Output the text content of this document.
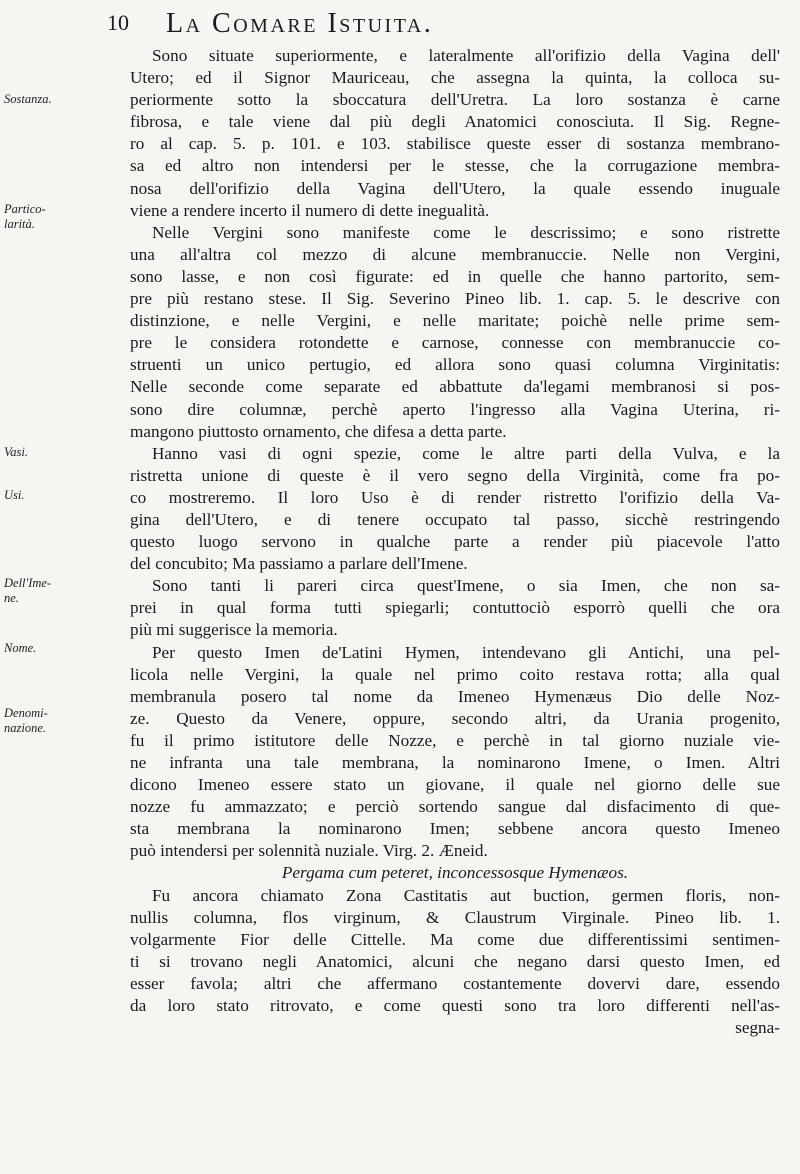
10 La Comare Istuita.
Sostanza.
Partico-
larità.
Vasi.
Usi.
Dell'Ime-
ne.
Nome.
Denomi-
nazione.
Sono situate superiormente, e lateralmente all'orifizio della Vagina dell'
Utero; ed il Signor Mauriceau, che assegna la quinta, la colloca su-
periormente sotto la sboccatura dell'Uretra. La loro sostanza è carne
fibrosa, e tale viene dal più degli Anatomici conosciuta. Il Sig. Regne-
ro al cap. 5. p. 101. e 103. stabilisce queste esser di sostanza membrano-
sa ed altro non intendersi per le stesse, che la corrugazione membra-
nosa dell'orifizio della Vagina dell'Utero, la quale essendo inuguale
viene a rendere incerto il numero di dette inegualità.
Nelle Vergini sono manifeste come le descrissimo; e sono ristrette
una all'altra col mezzo di alcune membranuccie. Nelle non Vergini,
sono lasse, e non così figurate: ed in quelle che hanno partorito, sem-
pre più restano stese. Il Sig. Severino Pineo lib. 1. cap. 5. le descrive con
distinzione, e nelle Vergini, e nelle maritate; poichè nelle prime sem-
pre le considera rotondette e carnose, connesse con membranuccie co-
struenti un unico pertugio, ed allora sono quasi columna Virginitatis:
Nelle seconde come separate ed abbattute da'legami membranosi si pos-
sono dire columnæ, perchè aperto l'ingresso alla Vagina Uterina, ri-
mangono piuttosto ornamento, che difesa a detta parte.
Hanno vasi di ogni spezie, come le altre parti della Vulva, e la
ristretta unione di queste è il vero segno della Virginità, come fra po-
co mostreremo. Il loro Uso è di render ristretto l'orifizio della Va-
gina dell'Utero, e di tenere occupato tal passo, sicchè restringendo
questo luogo servono in qualche parte a render più piacevole l'atto
del concubito; Ma passiamo a parlare dell'Imene.
Sono tanti li pareri circa quest'Imene, o sia Imen, che non sa-
prei in qual forma tutti spiegarli; contuttociò esporrò quelli che ora
più mi suggerisce la memoria.
Per questo Imen de'Latini Hymen, intendevano gli Antichi, una pel-
licola nelle Vergini, la quale nel primo coito restava rotta; alla qual
membranula posero tal nome da Imeneo Hymenæus Dio delle Noz-
ze. Questo da Venere, oppure, secondo altri, da Urania progenito,
fu il primo istitutore delle Nozze, e perchè in tal giorno nuziale vie-
ne infranta una tale membrana, la nominarono Imene, o Imen. Altri
dicono Imeneo essere stato un giovane, il quale nel giorno delle sue
nozze fu ammazzato; e perciò sortendo sangue dal disfacimento di que-
sta membrana la nominarono Imen; sebbene ancora questo Imeneo
può intendersi per solennità nuziale. Virg. 2. Æneid.
Pergama cum peteret, inconcessosque Hymenæos.
Fu ancora chiamato Zona Castitatis aut buction, germen floris, non-
nullis columna, flos virginum, & Claustrum Virginale. Pineo lib. 1.
volgarmente Fior delle Cittelle. Ma come due differentissimi sentimen-
ti si trovano negli Anatomici, alcuni che negano darsi questo Imen, ed
esser favola; altri che affermano costantemente dovervi dare, essendo
da loro stato ritrovato, e come questi sono tra loro differenti nell'as-
segna-
